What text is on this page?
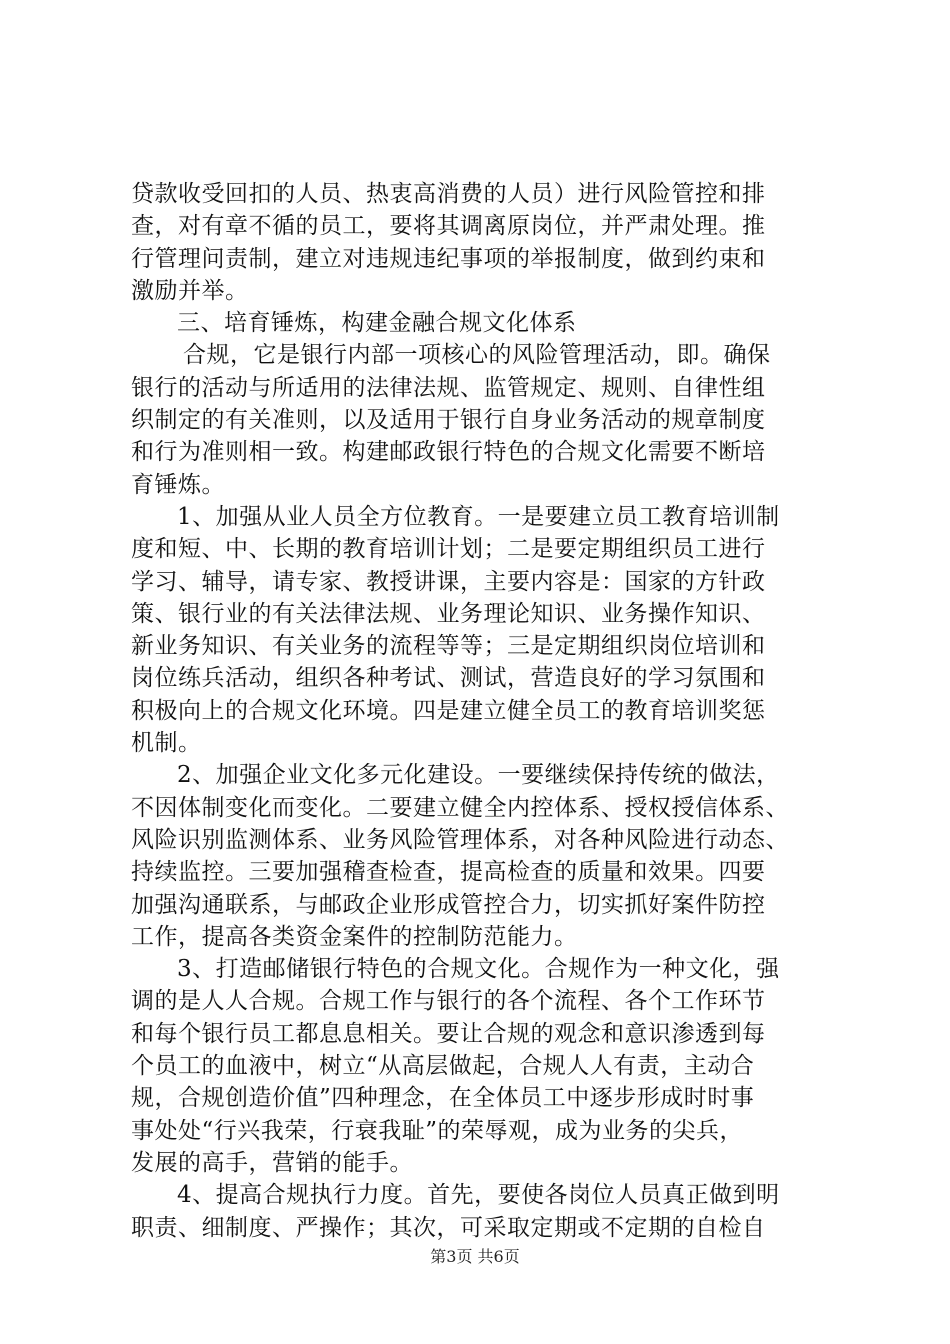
贷款收受回扣的人员、热衷高消费的人员）进行风险管控和排
查，对有章不循的员工，要将其调离原岗位，并严肃处理。推
行管理问责制，建立对违规违纪事项的举报制度，做到约束和
激励并举。
三、培育锤炼，构建金融合规文化体系
合规，它是银行内部一项核心的风险管理活动，即。确保
银行的活动与所适用的法律法规、监管规定、规则、自律性组
织制定的有关准则，以及适用于银行自身业务活动的规章制度
和行为准则相一致。构建邮政银行特色的合规文化需要不断培
育锤炼。
1、加强从业人员全方位教育。一是要建立员工教育培训制
度和短、中、长期的教育培训计划；二是要定期组织员工进行
学习、辅导，请专家、教授讲课，主要内容是：国家的方针政
策、银行业的有关法律法规、业务理论知识、业务操作知识、
新业务知识、有关业务的流程等等；三是定期组织岗位培训和
岗位练兵活动，组织各种考试、测试，营造良好的学习氛围和
积极向上的合规文化环境。四是建立健全员工的教育培训奖惩
机制。
2、加强企业文化多元化建设。一要继续保持传统的做法，
不因体制变化而变化。二要建立健全内控体系、授权授信体系、
风险识别监测体系、业务风险管理体系，对各种风险进行动态、
持续监控。三要加强稽查检查，提高检查的质量和效果。四要
加强沟通联系，与邮政企业形成管控合力，切实抓好案件防控
工作，提高各类资金案件的控制防范能力。
3、打造邮储银行特色的合规文化。合规作为一种文化，强
调的是人人合规。合规工作与银行的各个流程、各个工作环节
和每个银行员工都息息相关。要让合规的观念和意识渗透到每
个员工的血液中，树立“从高层做起，合规人人有责，主动合
规，合规创造价值”四种理念，在全体员工中逐步形成时时事
事处处“行兴我荣，行衰我耻”的荣辱观，成为业务的尖兵，
发展的高手，营销的能手。
4、提高合规执行力度。首先，要使各岗位人员真正做到明
职责、细制度、严操作；其次，可采取定期或不定期的自检自
第3页 共6页
